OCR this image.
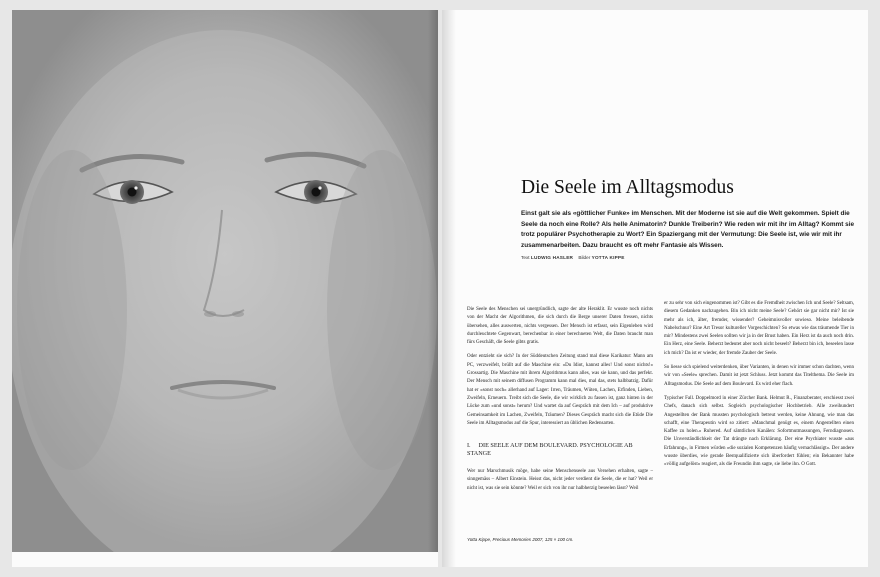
Die Seele im Alltagsmodus

Einst galt sie als «göttlicher Funke» im Menschen. Mit der Moderne ist sie auf die Welt gekommen. Spielt die Seele da noch eine Rolle? Als helle Animatorin? Dunkle Treiberin? Wie reden wir mit ihr im Alltag? Kommt sie trotz populärer Psychotherapie zu Wort? Ein Spaziergang mit der Vermutung: Die Seele ist, wie wir mit ihr zusammenarbeiten. Dazu braucht es oft mehr Fantasie als Wissen.

Text LUDWIG HASLER Bilder YOTTA KIPPE

Die Seele des Menschen sei unergründlich, sagte der alte Heraklit. Er wusste noch nichts von der Macht der Algorithmen, die sich durch die Berge unserer Daten fressen, nichts übersehen, alles auswerten, nichts vergessen. Der Mensch ist erfasst, sein Eigenleben wird durchleuchtete Gegenwart, berechenbar in einer berechneten Welt, die Daten braucht man fürs Geschäft, die Seele gibts gratis.

Oder entzieht sie sich? In der Süddeutschen Zeitung stand mal diese Karikatur: Mann am PC, verzweifelt, brüllt auf die Maschine ein: «Du Idiot, kannst alles! Und sonst nichts!» Grossartig. Die Maschine mit ihrem Algorithmus kann alles, was sie kann, und das perfekt. Der Mensch mit seinem diffusen Programm kann mal dies, mal das, stets halbbatzig. Dafür hat er «sonst noch» allerhand auf Lager: Irren, Träumen, Wüten, Lachen, Erfinden, Lieben, Zweifeln, Erneuern. Treibt sich die Seele, die wir wirklich zu fassen ist, ganz hinten in der Lücke zum «und sonst» herum? Und wartet da auf Gespräch mit dem Ich – auf produktive Gemeinsamkeit im Lachen, Zweifeln, Träumen? Dieses Gespräch macht sich die Etüde Die Seele im Alltagsmodus auf die Spur, interessiert an üblichen Redensarten.

I. DIE SEELE AUF DEM BOULEVARD. PSYCHOLOGIE AB STANGE

Wer nur Marschmusik möge, habe seine Menschenseele aus Versehen erhalten, sagte – sinngemäss – Albert Einstein. Heisst das, nicht jeder verdient die Seele, die er hat? Weil er nicht ist, was sie sein könnte? Weil er sich von ihr nur halbherzig beseelen lässt? Weil

er zu sehr von sich eingenommen ist? Gibt es die Fremdheit zwischen Ich und Seele? Seltsam, diesem Gedanken nachzugehen. Bin ich nicht meine Seele? Gehört sie gar nicht mir? Ist sie mehr als ich, älter, fremder, wissender? Geheimnisvoller sowieso. Meine beleibende Nabelschnur? Eine Art Tresor kultureller Vorgeschichten? So etwas wie das träumende Tier in mir? Mindestens zwei Seelen sollten wir ja in der Brust haben. Ein Herz ist da auch noch drin. Ein Herz, eine Seele. Beherzt bedeutet aber noch nicht beseelt? Beherzt bin ich, beseelen lasse ich mich? Da ist er wieder, der fremde Zauber der Seele.

So liesse sich spielend weiterdenken, über Varianten, in denen wir immer schon dachten, wenn wir von «Seele» sprechen. Damit ist jetzt Schluss. Jetzt kommt das Titelthema. Die Seele im Alltagsmodus. Die Seele auf dem Boulevard. Es wird eher flach.

Typischer Fall. Doppelmord in einer Zürcher Bank. Helmut R., Finanzberater, erschiesst zwei Chefs, danach sich selbst. Sogleich psychologischer Hochbetrieb. Alle zweihundert Angestellten der Bank mussten psychologisch betreut werden, keine Ahnung, wie man das schafft, eine Therapeutin wird so zitiert: «Manchmal genügt es, einem Angestellten einen Kaffee zu holen.» Ruhered. Auf sämtlichen Kanälen: Sofortmutmassungen, Ferndiagnosen. Die Unverständlichkeit der Tat drängte nach Erklärung. Der eine Psychiater wusste «aus Erfahrung», in Firmen würden «die sozialen Kompetenzen häufig vernachlässigt». Der andere wusste überdies, wie gerade Bestqualifizierte sich überfordert fühlen; ein Bekannter habe «völlig aufgelöst» reagiert, als die Freundin ihm sagte, sie liebe ihn. O Gott.

Yotta Kippe, Precious Memories 2007, 125 × 100 cm.
